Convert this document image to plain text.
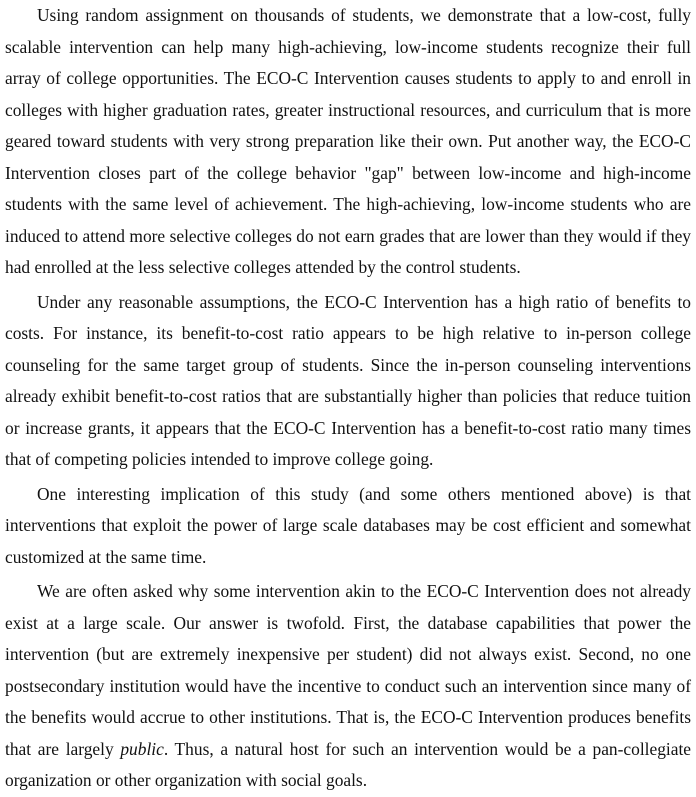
Using random assignment on thousands of students, we demonstrate that a low-cost, fully scalable intervention can help many high-achieving, low-income students recognize their full array of college opportunities. The ECO-C Intervention causes students to apply to and enroll in colleges with higher graduation rates, greater instructional resources, and curriculum that is more geared toward students with very strong preparation like their own. Put another way, the ECO-C Intervention closes part of the college behavior "gap" between low-income and high-income students with the same level of achievement. The high-achieving, low-income students who are induced to attend more selective colleges do not earn grades that are lower than they would if they had enrolled at the less selective colleges attended by the control students.

Under any reasonable assumptions, the ECO-C Intervention has a high ratio of benefits to costs. For instance, its benefit-to-cost ratio appears to be high relative to in-person college counseling for the same target group of students. Since the in-person counseling interventions already exhibit benefit-to-cost ratios that are substantially higher than policies that reduce tuition or increase grants, it appears that the ECO-C Intervention has a benefit-to-cost ratio many times that of competing policies intended to improve college going.

One interesting implication of this study (and some others mentioned above) is that interventions that exploit the power of large scale databases may be cost efficient and somewhat customized at the same time.

We are often asked why some intervention akin to the ECO-C Intervention does not already exist at a large scale. Our answer is twofold. First, the database capabilities that power the intervention (but are extremely inexpensive per student) did not always exist. Second, no one postsecondary institution would have the incentive to conduct such an intervention since many of the benefits would accrue to other institutions. That is, the ECO-C Intervention produces benefits that are largely public. Thus, a natural host for such an intervention would be a pan-collegiate organization or other organization with social goals.
